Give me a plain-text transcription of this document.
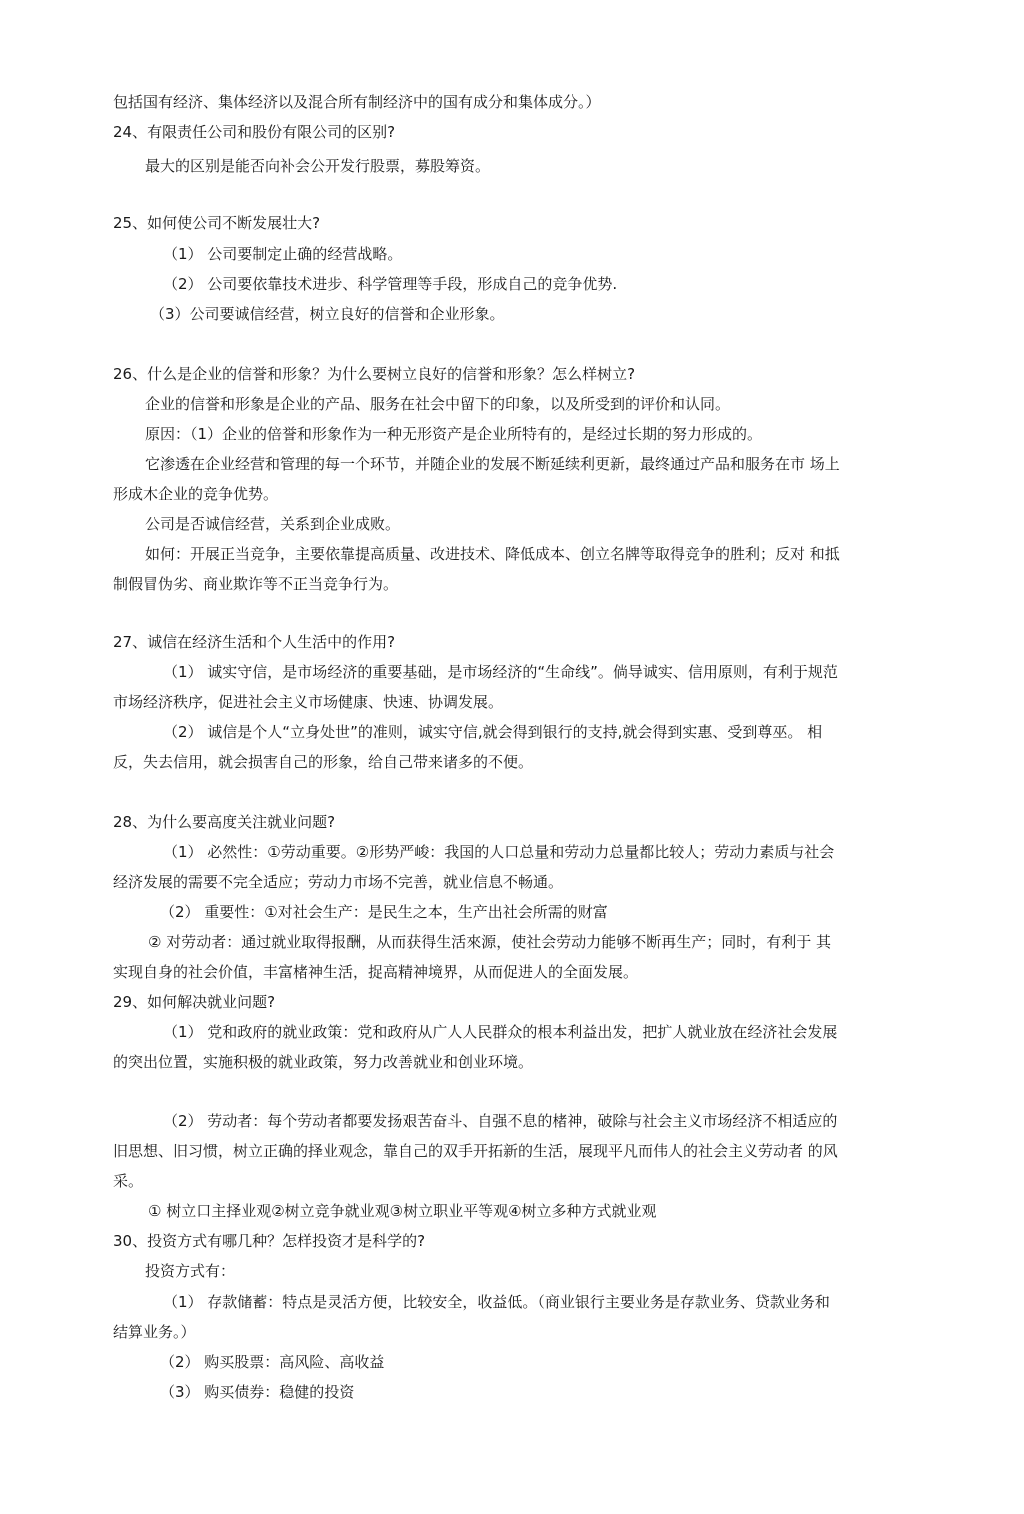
包括国有经济、集体经济以及混合所有制经济中的国有成分和集体成分。）
24、有限责任公司和股份有限公司的区别?
最大的区别是能否向补会公开发行股票，募股筹资。
25、如何使公司不断发展壮大?
（1） 公司要制定止确的经营战略。
（2） 公司要依靠技术进步、科学管理等手段，形成自己的竞争优势.
（3）公司要诚信经营，树立良好的信誉和企业形象。
26、什么是企业的信誉和形象？为什么要树立良好的信誉和形象？怎么样树立?
企业的信誉和形象是企业的产品、服务在社会中留下的印象，以及所受到的评价和认同。
原因：（1）企业的倍誉和形象作为一种无形资产是企业所特有的，是经过长期的努力形成的。
它渗透在企业经营和管理的每一个环节，并随企业的发展不断延续利更新，最终通过产品和服务在市 场上
形成木企业的竞争优势。
公司是否诚信经营，关系到企业成败。
如何：开展正当竞争，主要依靠提高质量、改进技术、降低成本、创立名牌等取得竞争的胜利；反对 和抵
制假冒伪劣、商业欺诈等不正当竞争行为。
27、诚信在经济生活和个人生活中的作用?
（1） 诚实守信，是市场经济的重要基础，是市场经济的“生命线”。倘导诚实、信用原则，有利于规范
市场经济秩序，促进社会主义市场健康、快速、协调发展。
（2） 诚信是个人“立身处世”的准则，诚实守信,就会得到银行的支持,就会得到实惠、受到尊巫。 相
反，失去信用，就会损害自己的形象，给自己带来诸多的不便。
28、为什么要高度关注就业问题?
（1） 必然性：①劳动重要。②形势严峻：我国的人口总量和劳动力总量都比较人；劳动力素质与社会
经济发展的需要不完全适应；劳动力市场不完善，就业信息不畅通。
（2） 重要性：①对社会生产：是民生之本，生产出社会所需的财富
② 对劳动者：通过就业取得报酬，从而获得生活來源，使社会劳动力能够不断再生产；同时，有利于 其
实现自身的社会价值，丰富楮神生活，捉高精神境界，从而促进人的全面发展。
29、如何解决就业问题?
（1） 党和政府的就业政策：党和政府从广人人民群众的根本利益出发，把扩人就业放在经济社会发展
的突出位置，实施积极的就业政策，努力改善就业和创业环境。
（2） 劳动者：每个劳动者都要发扬艰苦奋斗、自强不息的楮神，破除与社会主义市场经济不相适应的
旧思想、旧习惯，树立正确的择业观念，靠自己的双手开拓新的生活，展现平凡而伟人的社会主义劳动者 的风
采。
① 树立口主择业观②树立竞争就业观③树立职业平等观④树立多种方式就业观
30、投资方式有哪几种？怎样投资才是科学的?
投资方式有：
（1） 存款储蓄：特点是灵活方便，比较安全，收益低。（商业银行主要业务是存款业务、贷款业务和
结算业务。）
（2） 购买股票：高风险、高收益
（3） 购买债券：稳健的投资
